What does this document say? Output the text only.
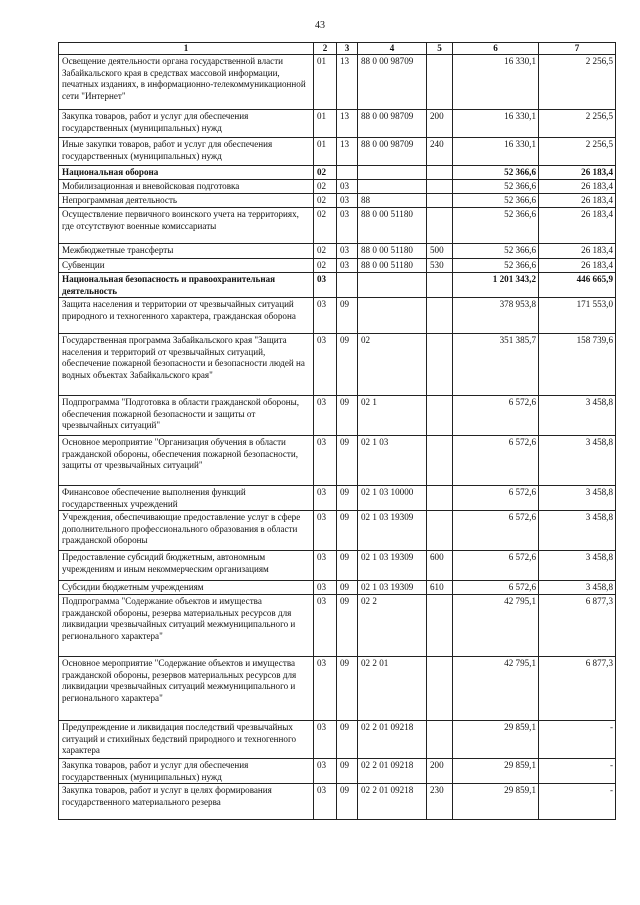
43
1	2	3	4	5	6	7
Освещение деятельности органа государственной власти Забайкальского края в средствах массовой информации, печатных изданиях, в информационно-телекоммуникационной сети "Интернет"	01	13	88 0 00 98709		16 330,1	2 256,5
Закупка товаров, работ и услуг для обеспечения государственных (муниципальных) нужд	01	13	88 0 00 98709	200	16 330,1	2 256,5
Иные закупки товаров, работ и услуг для обеспечения государственных (муниципальных) нужд	01	13	88 0 00 98709	240	16 330,1	2 256,5
Национальная оборона	02				52 366,6	26 183,4
Мобилизационная и вневойсковая подготовка	02	03			52 366,6	26 183,4
Непрограммная деятельность	02	03	88		52 366,6	26 183,4
Осуществление первичного воинского учета на территориях, где отсутствуют военные комиссариаты	02	03	88 0 00 51180		52 366,6	26 183,4
Межбюджетные трансферты	02	03	88 0 00 51180	500	52 366,6	26 183,4
Субвенции	02	03	88 0 00 51180	530	52 366,6	26 183,4
Национальная безопасность и правоохранительная деятельность	03				1 201 343,2	446 665,9
Защита населения и территории от чрезвычайных ситуаций природного и техногенного характера, гражданская оборона	03	09			378 953,8	171 553,0
Государственная программа Забайкальского края "Защита населения и территорий от чрезвычайных ситуаций, обеспечение пожарной безопасности и безопасности людей на водных объектах Забайкальского края"	03	09	02		351 385,7	158 739,6
Подпрограмма "Подготовка в области гражданской обороны, обеспечения пожарной безопасности и защиты от чрезвычайных ситуаций"	03	09	02 1		6 572,6	3 458,8
Основное мероприятие "Организация обучения в области гражданской обороны, обеспечения пожарной безопасности, защиты от чрезвычайных ситуаций"	03	09	02 1 03		6 572,6	3 458,8
Финансовое обеспечение выполнения функций государственных учреждений	03	09	02 1 03 10000		6 572,6	3 458,8
Учреждения, обеспечивающие предоставление услуг в сфере дополнительного профессионального образования в области гражданской обороны	03	09	02 1 03 19309		6 572,6	3 458,8
Предоставление субсидий бюджетным, автономным учреждениям и иным некоммерческим организациям	03	09	02 1 03 19309	600	6 572,6	3 458,8
Субсидии бюджетным учреждениям	03	09	02 1 03 19309	610	6 572,6	3 458,8
Подпрограмма "Содержание объектов и имущества гражданской обороны, резерва материальных ресурсов для ликвидации чрезвычайных ситуаций межмуниципального и регионального характера"	03	09	02 2		42 795,1	6 877,3
Основное мероприятие "Содержание объектов и имущества гражданской обороны, резервов материальных ресурсов для ликвидации чрезвычайных ситуаций межмуниципального и регионального характера"	03	09	02 2 01		42 795,1	6 877,3
Предупреждение и ликвидация последствий чрезвычайных ситуаций и стихийных бедствий природного и техногенного характера	03	09	02 2 01 09218		29 859,1	-
Закупка товаров, работ и услуг для обеспечения государственных (муниципальных) нужд	03	09	02 2 01 09218	200	29 859,1	-
Закупка товаров, работ и услуг в целях формирования государственного материального резерва	03	09	02 2 01 09218	230	29 859,1	-
